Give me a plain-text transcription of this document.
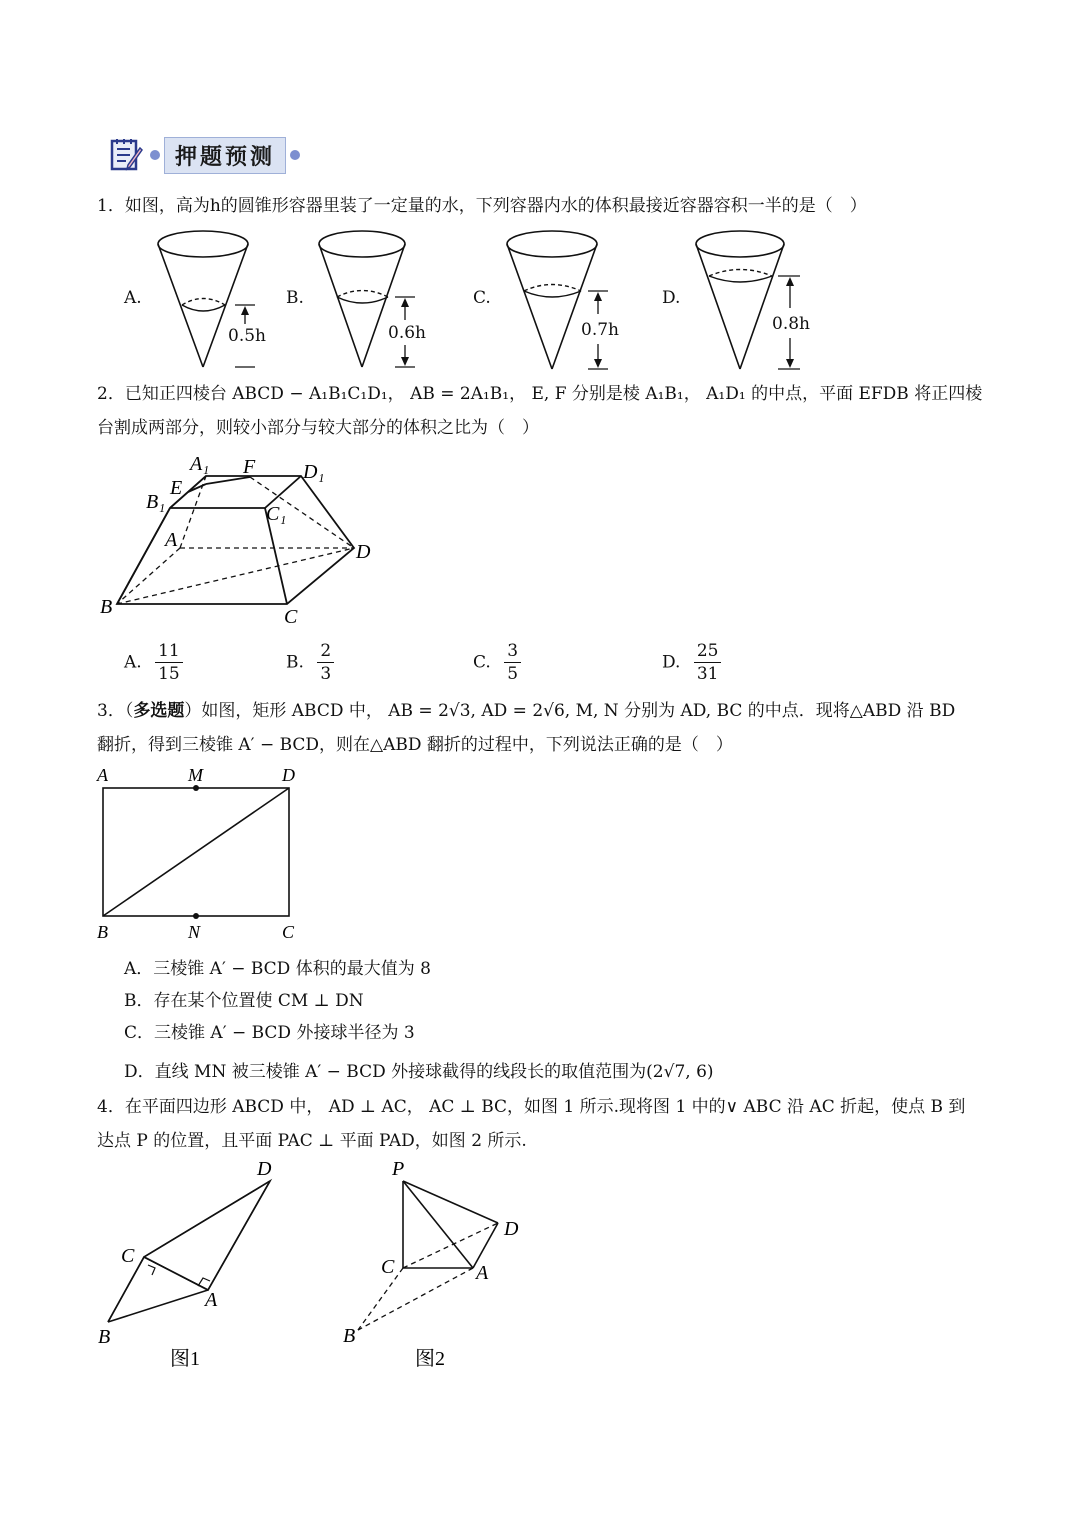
押题预测
1．如图，高为h的圆锥形容器里装了一定量的水，下列容器内水的体积最接近容器容积一半的是（　）
A.	B.	C.	D.
0.5h	0.6h	0.7h	0.8h
2．已知正四棱台 ABCD − A₁B₁C₁D₁， AB = 2A₁B₁， E, F 分别是棱 A₁B₁， A₁D₁ 的中点，平面 EFDB 将正四棱
台割成两部分，则较小部分与较大部分的体积之比为（　）
A₁ F D₁
E
B₁
C₁
A
D
B	C
A. $\frac{11}{15}$	B. $\frac{2}{3}$	C. $\frac{3}{5}$	D. $\frac{25}{31}$
3．（多选题）如图，矩形 ABCD 中， AB = 2√3, AD = 2√6, M, N 分别为 AD, BC 的中点．现将△ABD 沿 BD
翻折，得到三棱锥 A′ − BCD，则在△ABD 翻折的过程中，下列说法正确的是（　）
A	M	D
B	N	C
A．三棱锥 A′ − BCD 体积的最大值为 8
B．存在某个位置使 CM ⊥ DN
C．三棱锥 A′ − BCD 外接球半径为 3
D．直线 MN 被三棱锥 A′ − BCD 外接球截得的线段长的取值范围为(2√7, 6)
4．在平面四边形 ABCD 中， AD ⊥ AC， AC ⊥ BC，如图 1 所示.现将图 1 中的∨ ABC 沿 AC 折起，使点 B 到
达点 P 的位置，且平面 PAC ⊥ 平面 PAD，如图 2 所示.
D
C
A
B
图1
P
D
C	A
B
图2
